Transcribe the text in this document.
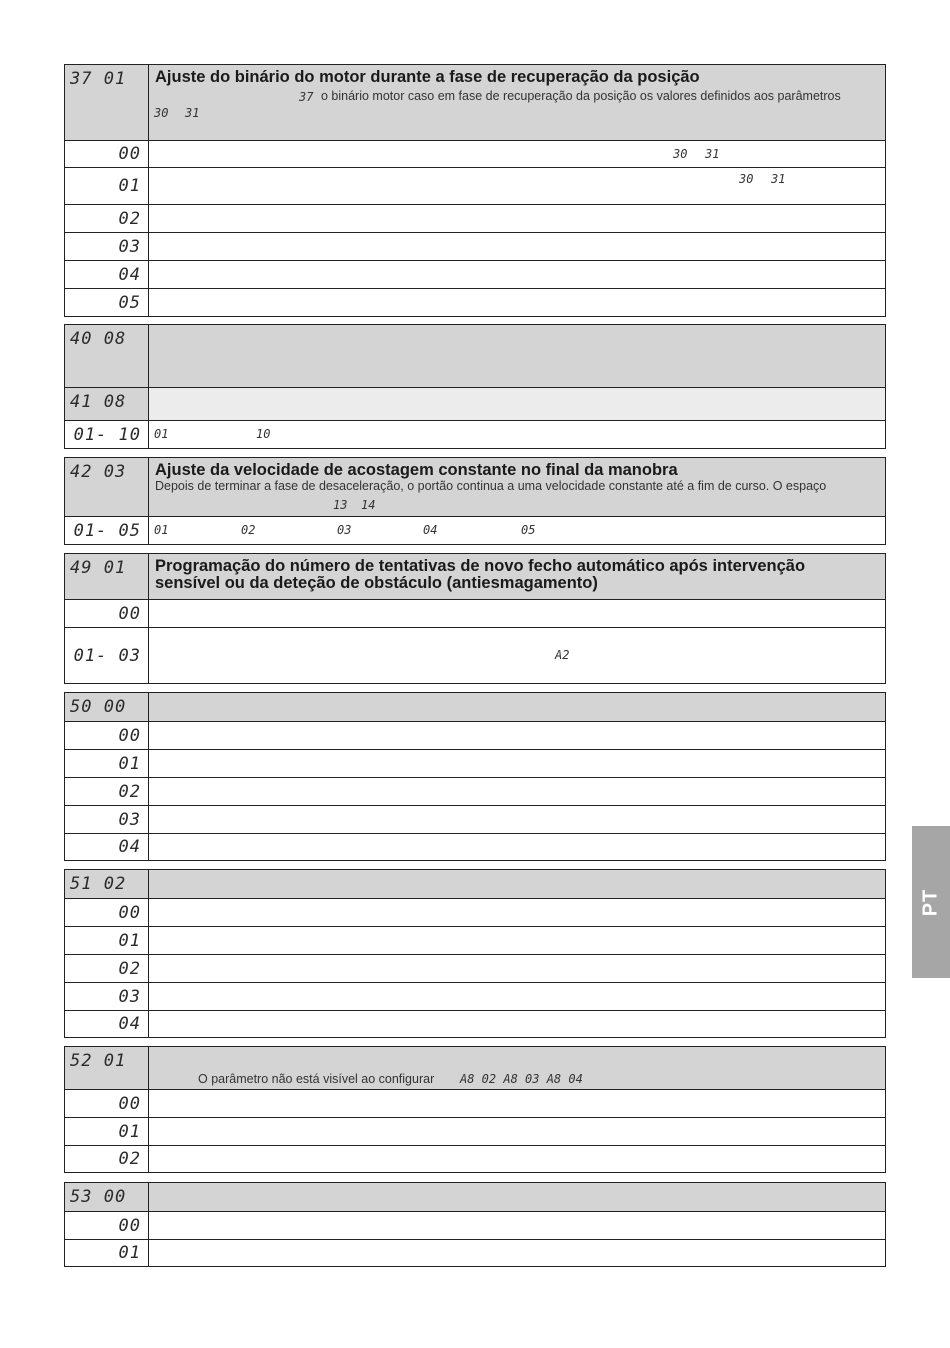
37 01	Ajuste do binário do motor durante a fase de recuperação da posição
37 o binário motor caso em fase de recuperação da posição os valores definidos aos parâmetros
30 31
00	30 31
01	30 31
02
03
04
05
40 08
41 08
01- 10	01	10
42 03	Ajuste da velocidade de acostagem constante no final da manobra
Depois de terminar a fase de desaceleração, o portão continua a uma velocidade constante até a fim de curso. O espaço
13 14
01- 05	01	02	03	04	05
49 01	Programação do número de tentativas de novo fecho automático após intervenção
sensível ou da deteção de obstáculo (antiesmagamento)
00
01- 03	A2
50 00
00
01
02
03
04
51 02
00
01
02
03
04
52 01
O parâmetro não está visível ao configurar A8 02 A8 03 A8 04
00
01
02
53 00
00
01
PT
